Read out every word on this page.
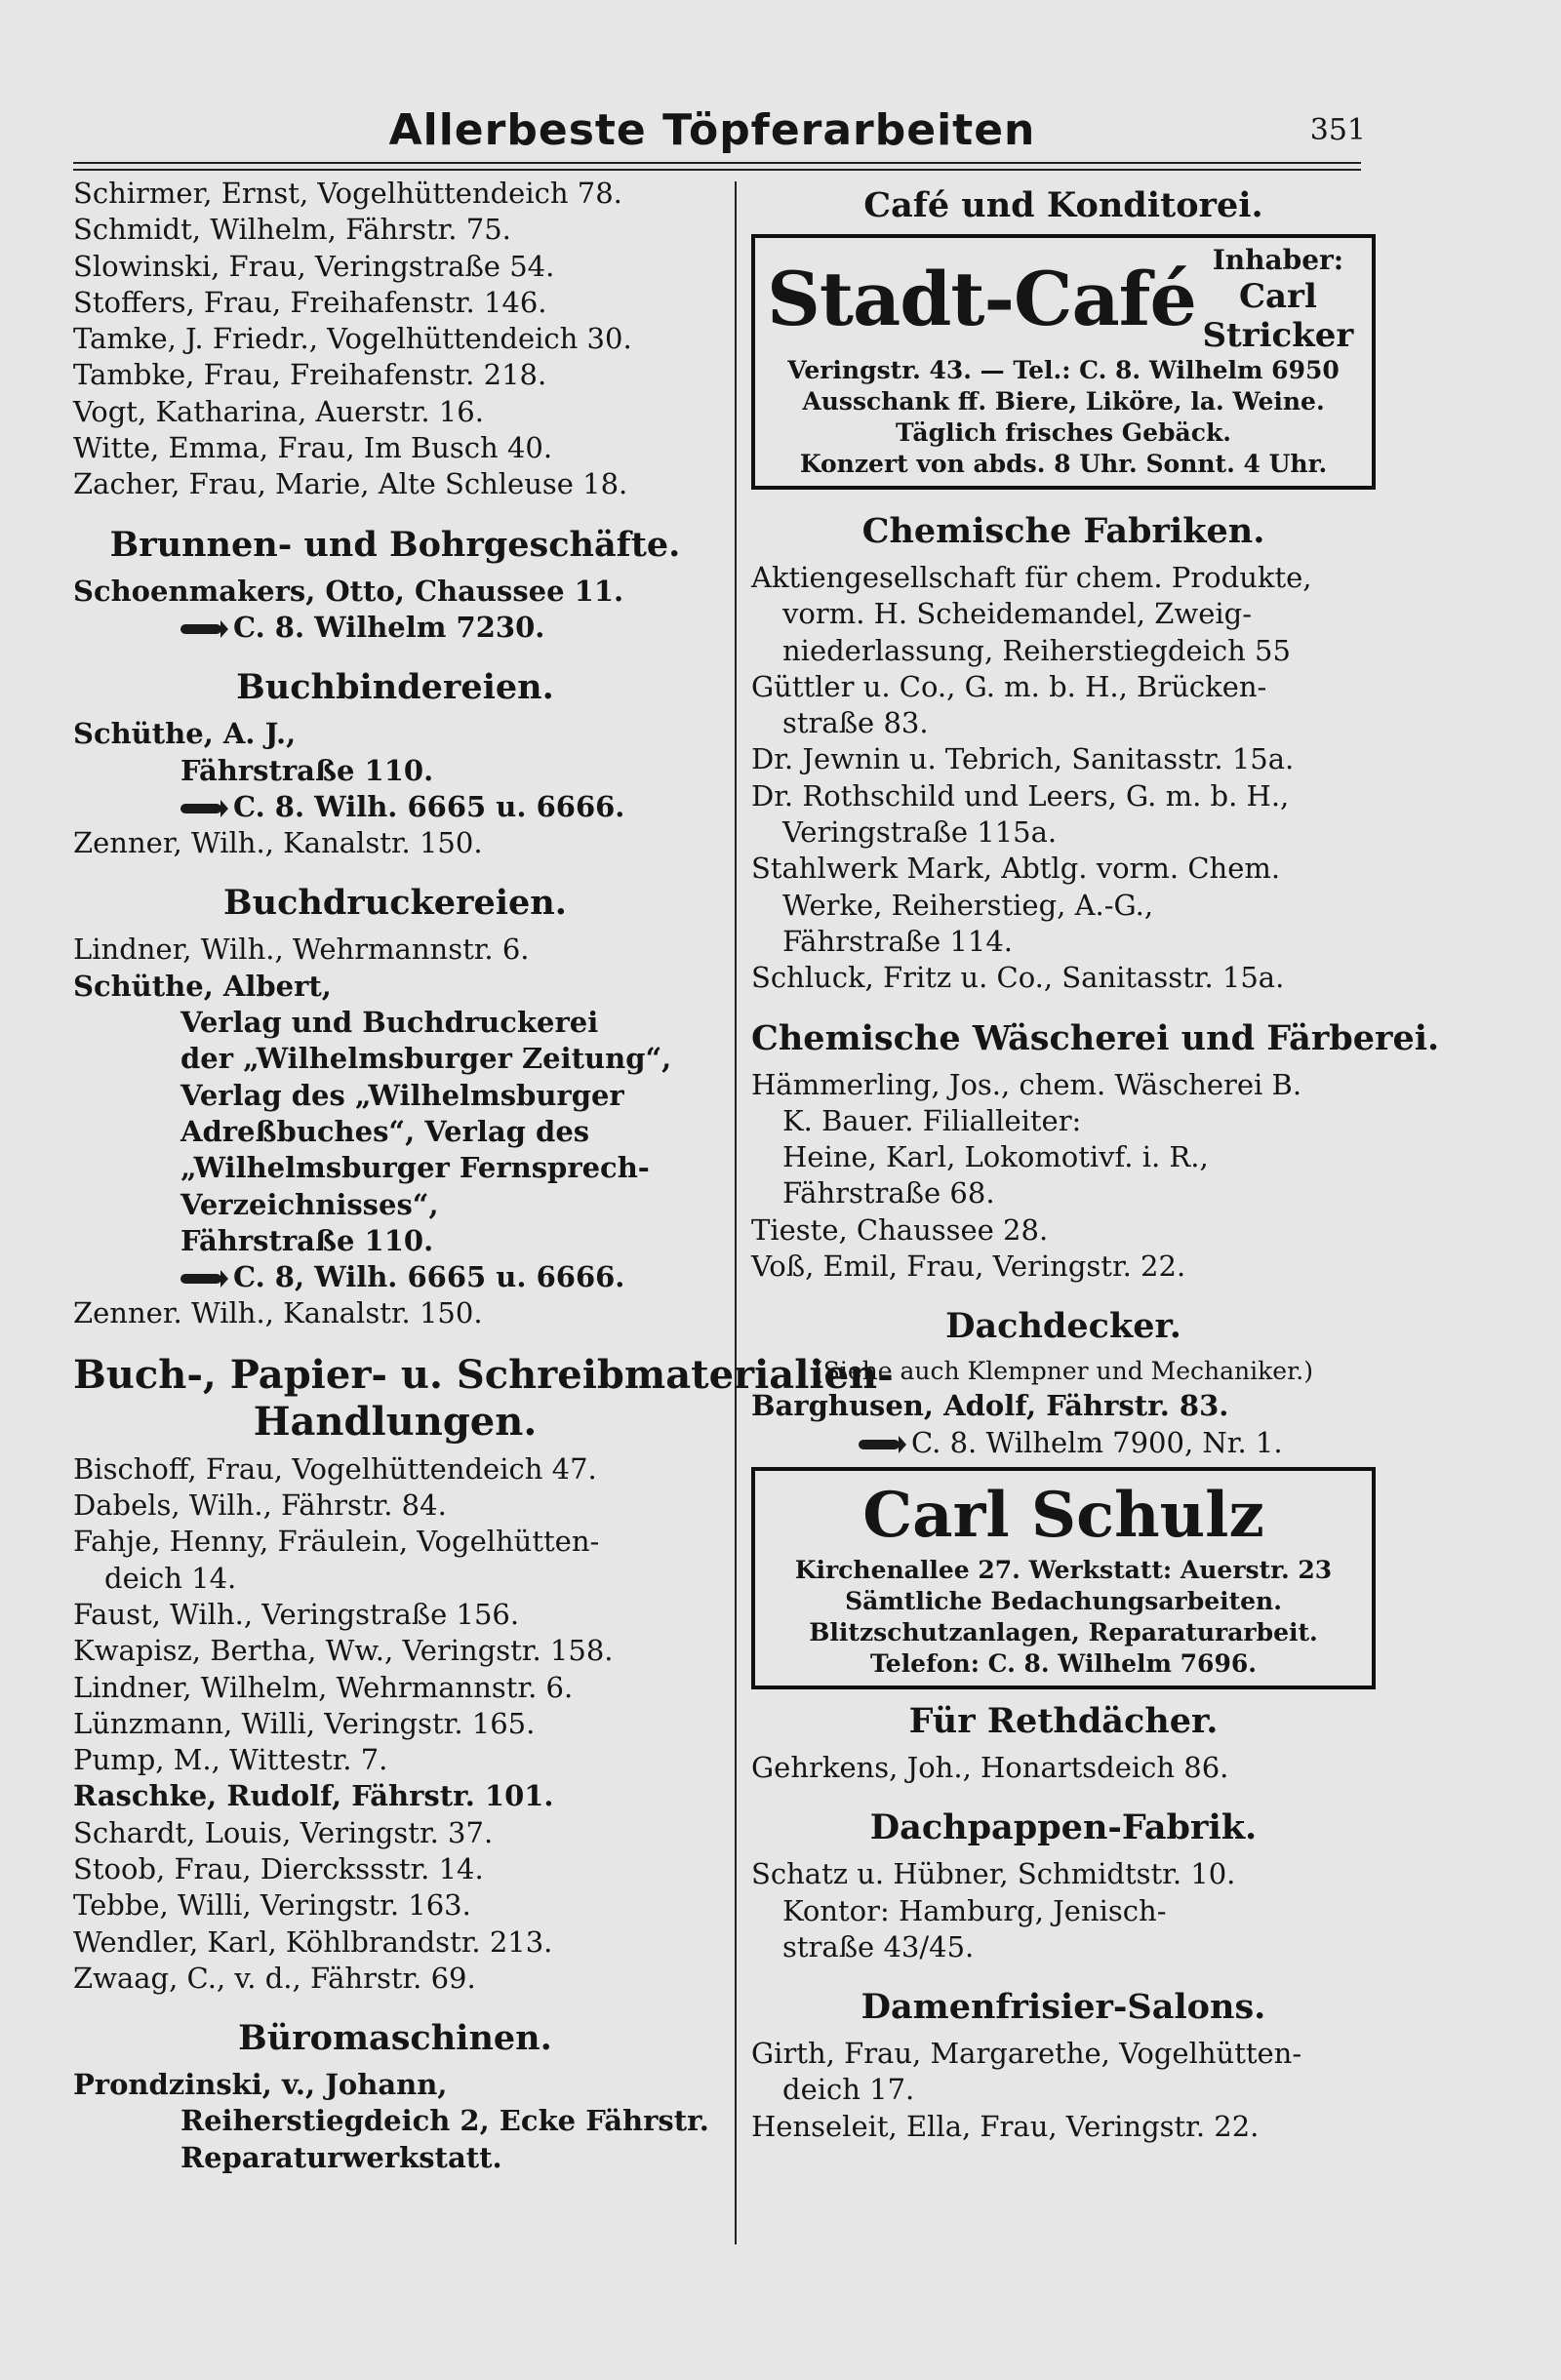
Allerbeste Töpferarbeiten	351
Schirmer, Ernst, Vogelhüttendeich 78.
Schmidt, Wilhelm, Fährstr. 75.
Slowinski, Frau, Veringstraße 54.
Stoffers, Frau, Freihafenstr. 146.
Tamke, J. Friedr., Vogelhüttendeich 30.
Tambke, Frau, Freihafenstr. 218.
Vogt, Katharina, Auerstr. 16.
Witte, Emma, Frau, Im Busch 40.
Zacher, Frau, Marie, Alte Schleuse 18.
Brunnen- und Bohrgeschäfte.
Schoenmakers, Otto, Chaussee 11.
C. 8. Wilhelm 7230.
Buchbindereien.
Schüthe, A. J.,
Fährstraße 110.
C. 8. Wilh. 6665 u. 6666.
Zenner, Wilh., Kanalstr. 150.
Buchdruckereien.
Lindner, Wilh., Wehrmannstr. 6.
Schüthe, Albert,
Verlag und Buchdruckerei
der „Wilhelmsburger Zeitung“,
Verlag des „Wilhelmsburger
Adreßbuches“, Verlag des
„Wilhelmsburger Fernsprech-
Verzeichnisses“,
Fährstraße 110.
C. 8, Wilh. 6665 u. 6666.
Zenner. Wilh., Kanalstr. 150.
Buch-, Papier- u. Schreibmaterialien-
Handlungen.
Bischoff, Frau, Vogelhüttendeich 47.
Dabels, Wilh., Fährstr. 84.
Fahje, Henny, Fräulein, Vogelhütten-
deich 14.
Faust, Wilh., Veringstraße 156.
Kwapisz, Bertha, Ww., Veringstr. 158.
Lindner, Wilhelm, Wehrmannstr. 6.
Lünzmann, Willi, Veringstr. 165.
Pump, M., Wittestr. 7.
Raschke, Rudolf, Fährstr. 101.
Schardt, Louis, Veringstr. 37.
Stoob, Frau, Dierckssstr. 14.
Tebbe, Willi, Veringstr. 163.
Wendler, Karl, Köhlbrandstr. 213.
Zwaag, C., v. d., Fährstr. 69.
Büromaschinen.
Prondzinski, v., Johann,
Reiherstiegdeich 2, Ecke Fährstr.
Reparaturwerkstatt.
Café und Konditorei.
Stadt-Café Inhaber:
Carl Stricker
Veringstr. 43. — Tel.: C. 8. Wilhelm 6950
Ausschank ff. Biere, Liköre, la. Weine.
Täglich frisches Gebäck.
Konzert von abds. 8 Uhr. Sonnt. 4 Uhr.
Chemische Fabriken.
Aktiengesellschaft für chem. Produkte,
vorm. H. Scheidemandel, Zweig-
niederlassung, Reiherstiegdeich 55
Güttler u. Co., G. m. b. H., Brücken-
straße 83.
Dr. Jewnin u. Tebrich, Sanitasstr. 15a.
Dr. Rothschild und Leers, G. m. b. H.,
Veringstraße 115a.
Stahlwerk Mark, Abtlg. vorm. Chem.
Werke, Reiherstieg, A.-G.,
Fährstraße 114.
Schluck, Fritz u. Co., Sanitasstr. 15a.
Chemische Wäscherei und Färberei.
Hämmerling, Jos., chem. Wäscherei B.
K. Bauer. Filialleiter:
Heine, Karl, Lokomotivf. i. R.,
Fährstraße 68.
Tieste, Chaussee 28.
Voß, Emil, Frau, Veringstr. 22.
Dachdecker.
(Siehe auch Klempner und Mechaniker.)
Barghusen, Adolf, Fährstr. 83.
C. 8. Wilhelm 7900, Nr. 1.
Carl Schulz
Kirchenallee 27. Werkstatt: Auerstr. 23
Sämtliche Bedachungsarbeiten.
Blitzschutzanlagen, Reparaturarbeit.
Telefon: C. 8. Wilhelm 7696.
Für Rethdächer.
Gehrkens, Joh., Honartsdeich 86.
Dachpappen-Fabrik.
Schatz u. Hübner, Schmidtstr. 10.
Kontor: Hamburg, Jenisch-
straße 43/45.
Damenfrisier-Salons.
Girth, Frau, Margarethe, Vogelhütten-
deich 17.
Henseleit, Ella, Frau, Veringstr. 22.
